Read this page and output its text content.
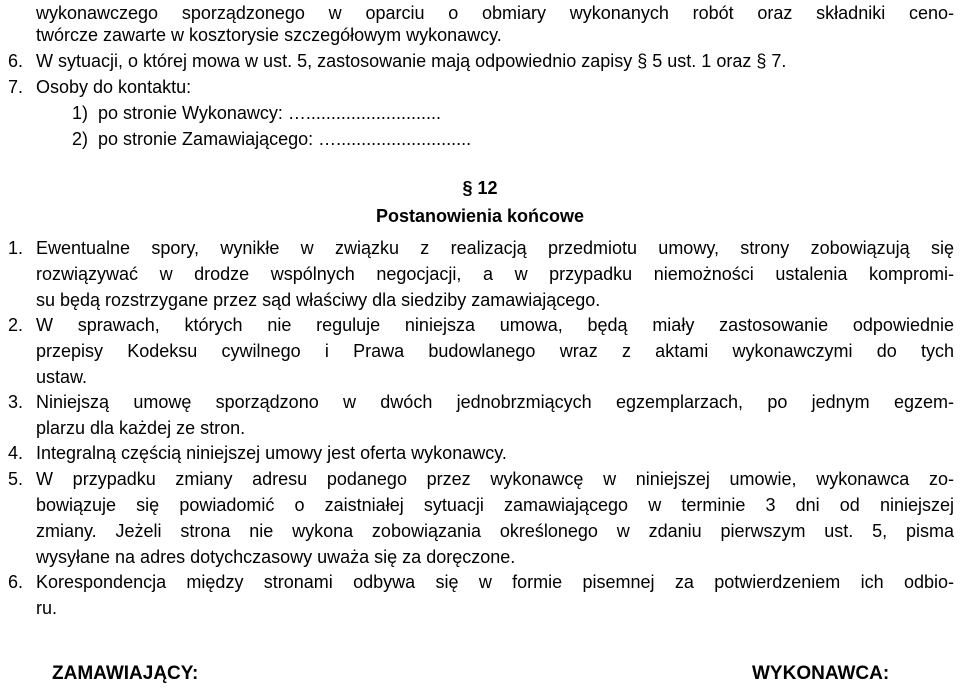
wykonawczego sporządzonego w oparciu o obmiary wykonanych robót oraz składniki ceno-
twórcze zawarte w kosztorysie szczegółowym wykonawcy.
6. W sytuacji, o której mowa w ust. 5, zastosowanie mają odpowiednio zapisy § 5 ust. 1 oraz § 7.
7. Osoby do kontaktu:
1)  po stronie Wykonawcy: …...........................
2)  po stronie Zamawiającego: …...........................
§ 12
Postanowienia końcowe
1. Ewentualne spory, wynikłe w związku z realizacją przedmiotu umowy, strony zobowiązują się
rozwiązywać w drodze wspólnych negocjacji, a w przypadku niemożności ustalenia kompromi-
su będą rozstrzygane przez sąd właściwy dla siedziby zamawiającego.
2. W sprawach, których nie reguluje niniejsza umowa, będą miały zastosowanie odpowiednie
przepisy Kodeksu cywilnego i Prawa budowlanego wraz z aktami wykonawczymi do tych
ustaw.
3. Niniejszą umowę sporządzono w dwóch jednobrzmiących egzemplarzach, po jednym egzem-
plarzu dla każdej ze stron.
4. Integralną częścią niniejszej umowy jest oferta wykonawcy.
5. W przypadku zmiany adresu podanego przez wykonawcę w niniejszej umowie, wykonawca zo-
bowiązuje się powiadomić o zaistniałej sytuacji zamawiającego w terminie 3 dni od niniejszej
zmiany. Jeżeli strona nie wykona zobowiązania określonego w zdaniu pierwszym ust. 5, pisma
wysyłane na adres dotychczasowy uważa się za doręczone.
6. Korespondencja między stronami odbywa się w formie pisemnej za potwierdzeniem ich odbio-
ru.
ZAMAWIAJĄCY:	WYKONAWCA:
